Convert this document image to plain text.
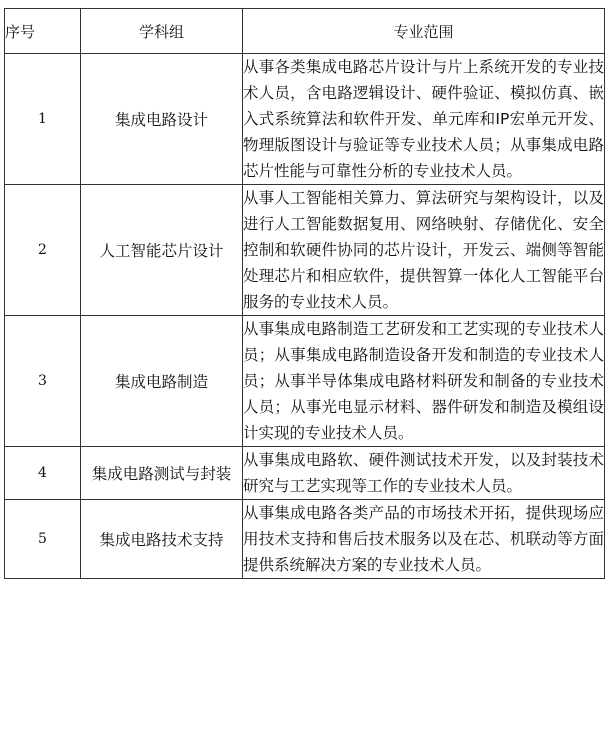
序号	学科组	专业范围
1	集成电路设计	从事各类集成电路芯片设计与片上系统开发的专业技术人员，含电路逻辑设计、硬件验证、模拟仿真、嵌入式系统算法和软件开发、单元库和IP宏单元开发、物理版图设计与验证等专业技术人员；从事集成电路芯片性能与可靠性分析的专业技术人员。
2	人工智能芯片设计	从事人工智能相关算力、算法研究与架构设计，以及进行人工智能数据复用、网络映射、存储优化、安全控制和软硬件协同的芯片设计，开发云、端侧等智能处理芯片和相应软件，提供智算一体化人工智能平台服务的专业技术人员。
3	集成电路制造	从事集成电路制造工艺研发和工艺实现的专业技术人员；从事集成电路制造设备开发和制造的专业技术人员；从事半导体集成电路材料研发和制备的专业技术人员；从事光电显示材料、器件研发和制造及模组设计实现的专业技术人员。
4	集成电路测试与封装	从事集成电路软、硬件测试技术开发，以及封装技术研究与工艺实现等工作的专业技术人员。
5	集成电路技术支持	从事集成电路各类产品的市场技术开拓，提供现场应用技术支持和售后技术服务以及在芯、机联动等方面提供系统解决方案的专业技术人员。
